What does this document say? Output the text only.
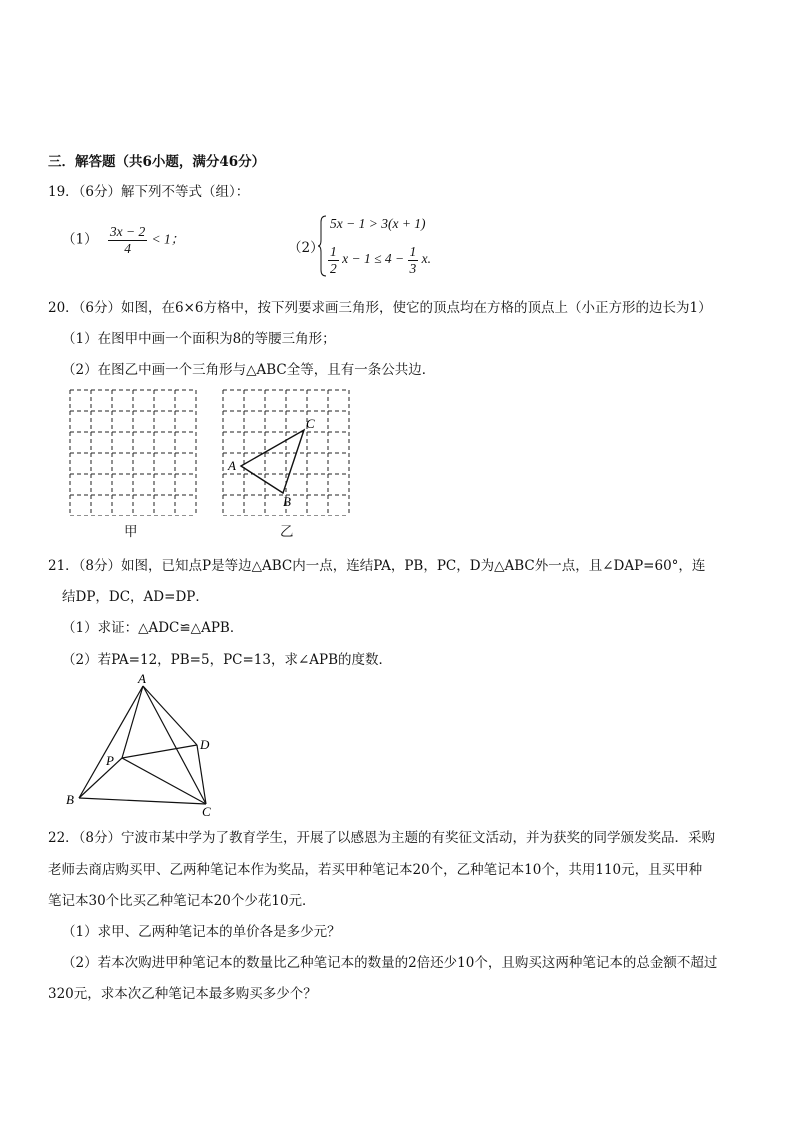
三．解答题（共6小题，满分46分）
19．（6分）解下列不等式（组）：
$(1) \frac{3x - 2}{4} < 1$；
（2）
5x − 1 > 3(x + 1)
$\frac{1}{2}$ $x - 1 \le 4 - \frac{1}{3} x$.
20．（6分）如图，在6×6方格中，按下列要求画三角形，使它的顶点均在方格的顶点上（小正方形的边长为1）
（1）在图甲中画一个面积为8的等腰三角形；
（2）在图乙中画一个三角形与△ABC全等，且有一条公共边．
甲
A
C
B
乙
21．（8分）如图，已知点P是等边△ABC内一点，连结PA，PB，PC，D为△ABC外一点，且∠DAP=60°，连
结DP，DC，AD=DP．
（1）求证：△ADC≌△APB．
（2）若PA=12，PB=5，PC=13，求∠APB的度数．
A
D
P
B
C
22．（8分）宁波市某中学为了教育学生，开展了以感恩为主题的有奖征文活动，并为获奖的同学颁发奖品．采购
老师去商店购买甲、乙两种笔记本作为奖品，若买甲种笔记本20个，乙种笔记本10个，共用110元，且买甲种
笔记本30个比买乙种笔记本20个少花10元．
（1）求甲、乙两种笔记本的单价各是多少元？
（2）若本次购进甲种笔记本的数量比乙种笔记本的数量的2倍还少10个，且购买这两种笔记本的总金额不超过
320元，求本次乙种笔记本最多购买多少个？
